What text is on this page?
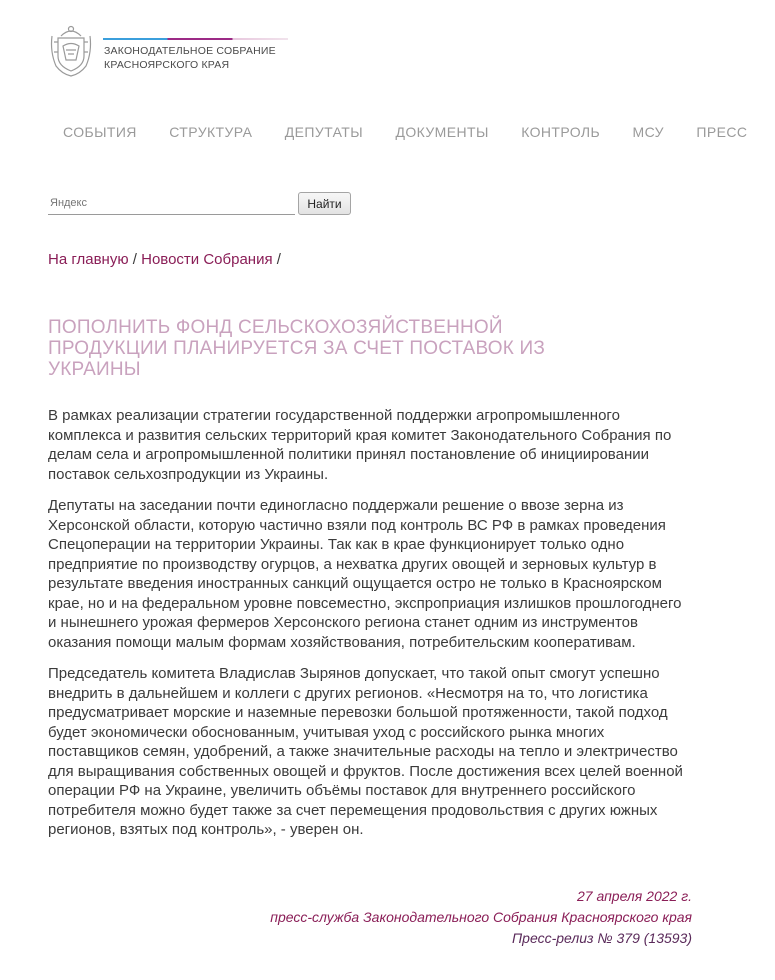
ЗАКОНОДАТЕЛЬНОЕ СОБРАНИЕ
КРАСНОЯРСКОГО КРАЯ
СОБЫТИЯ СТРУКТУРА ДЕПУТАТЫ ДОКУМЕНТЫ КОНТРОЛЬ МСУ ПРЕСС
Яндекс
Найти
На главную / Новости Собрания /
ПОПОЛНИТЬ ФОНД СЕЛЬСКОХОЗЯЙСТВЕННОЙ ПРОДУКЦИИ ПЛАНИРУЕТСЯ ЗА СЧЕТ ПОСТАВОК ИЗ УКРАИНЫ

В рамках реализации стратегии государственной поддержки агропромышленного комплекса и развития сельских территорий края комитет Законодательного Собрания по делам села и агропромышленной политики принял постановление об инициировании поставок сельхозпродукции из Украины.

Депутаты на заседании почти единогласно поддержали решение о ввозе зерна из Херсонской области, которую частично взяли под контроль ВС РФ в рамках проведения Спецоперации на территории Украины. Так как в крае функционирует только одно предприятие по производству огурцов, а нехватка других овощей и зерновых культур в результате введения иностранных санкций ощущается остро не только в Красноярском крае, но и на федеральном уровне повсеместно, экспроприация излишков прошлогоднего и нынешнего урожая фермеров Херсонского региона станет одним из инструментов оказания помощи малым формам хозяйствования, потребительским кооперативам.

Председатель комитета Владислав Зырянов допускает, что такой опыт смогут успешно внедрить в дальнейшем и коллеги с других регионов. «Несмотря на то, что логистика предусматривает морские и наземные перевозки большой протяженности, такой подход будет экономически обоснованным, учитывая уход с российского рынка многих поставщиков семян, удобрений, а также значительные расходы на тепло и электричество для выращивания собственных овощей и фруктов. После достижения всех целей военной операции РФ на Украине, увеличить объёмы поставок для внутреннего российского потребителя можно будет также за счет перемещения продовольствия с других южных регионов, взятых под контроль», - уверен он.

27 апреля 2022 г.
пресс-служба Законодательного Собрания Красноярского края
Пресс-релиз № 379 (13593)
